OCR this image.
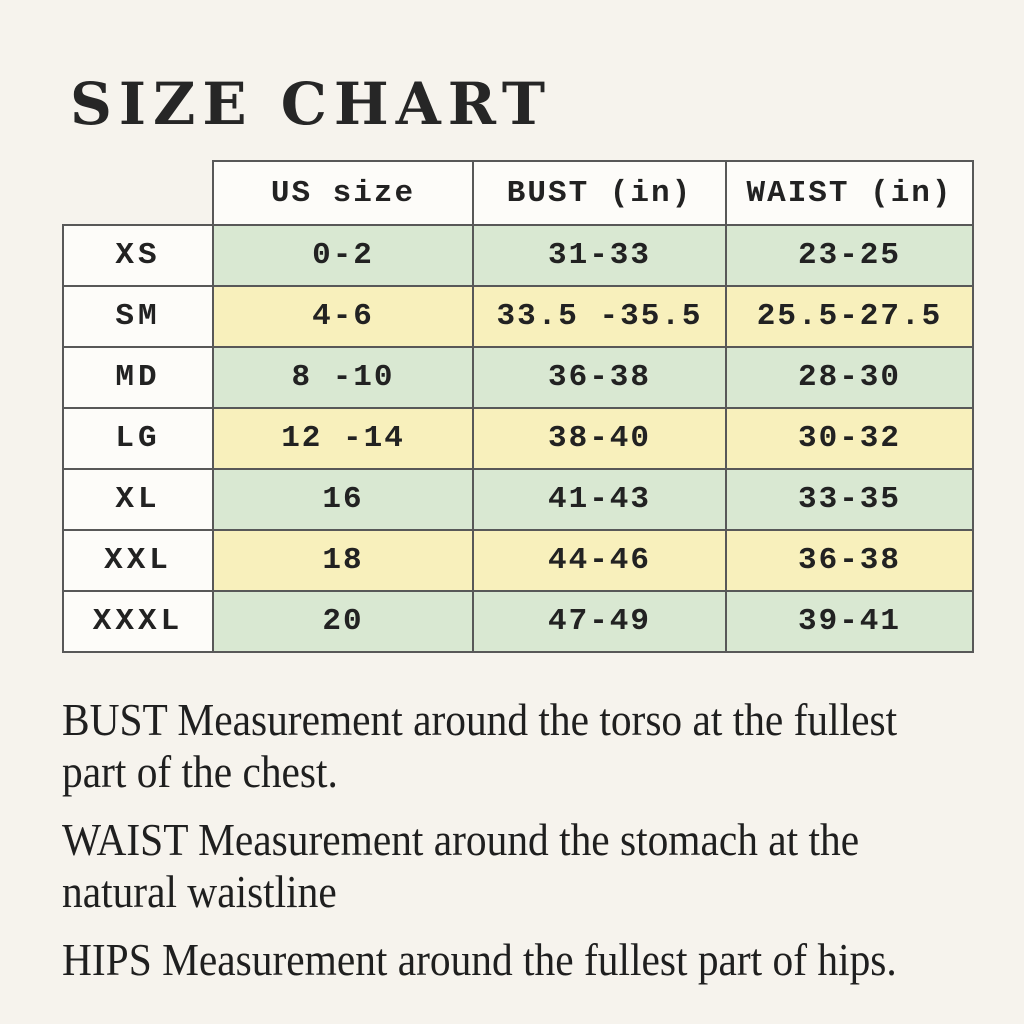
SIZE CHART
	US size	BUST (in)	WAIST (in)
XS	0-2	31-33	23-25
SM	4-6	33.5 -35.5	25.5-27.5
MD	8 -10	36-38	28-30
LG	12 -14	38-40	30-32
XL	16	41-43	33-35
XXL	18	44-46	36-38
XXXL	20	47-49	39-41
BUST Measurement around the torso at the fullest
part of the chest.
WAIST Measurement around the stomach at the
natural waistline
HIPS Measurement around the fullest part of hips.
